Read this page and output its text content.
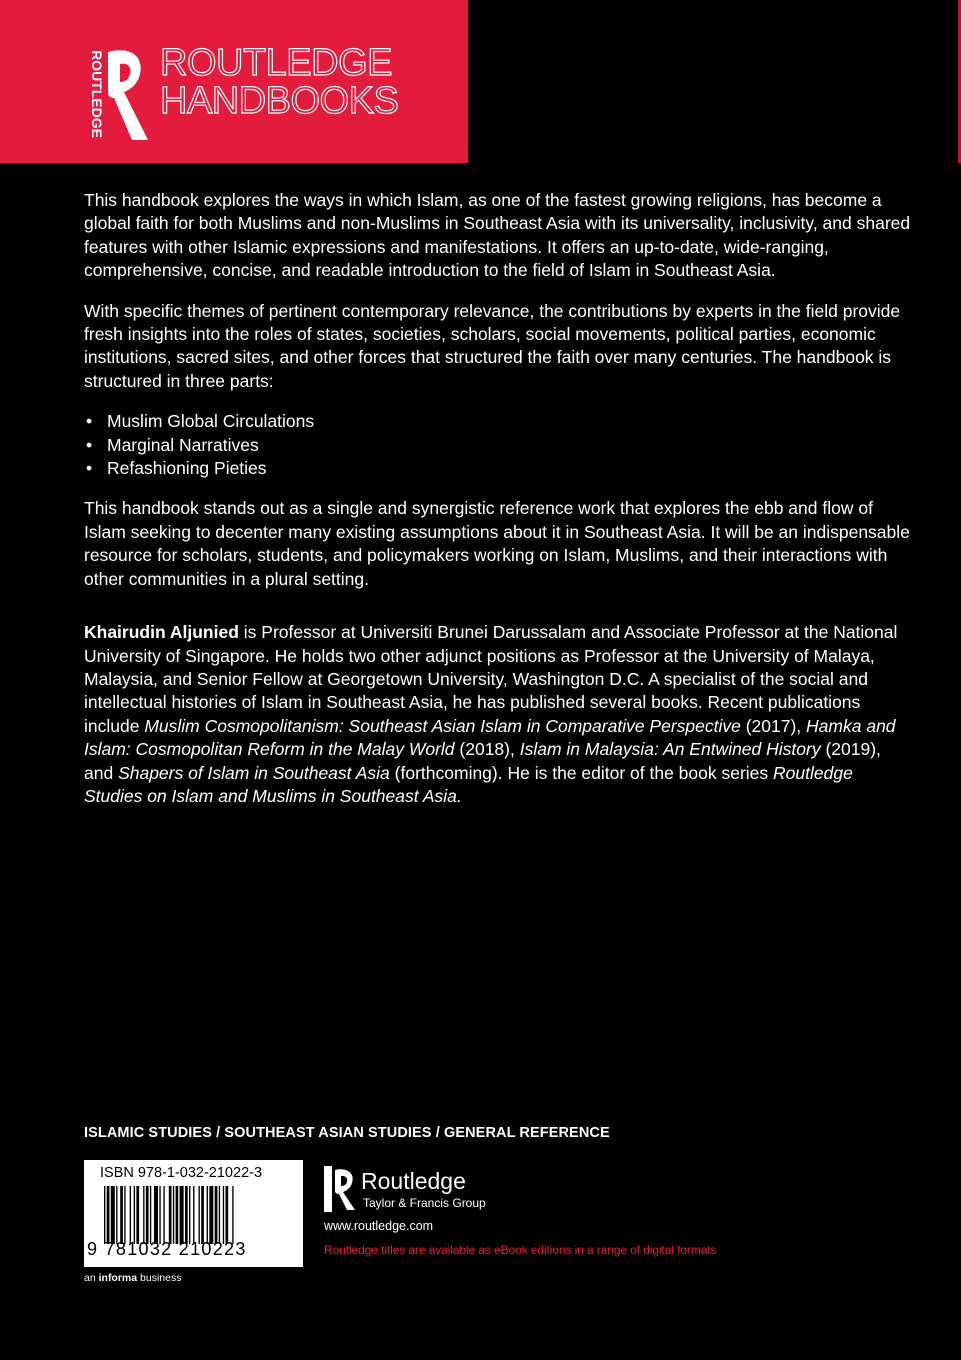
ROUTLEDGE ROUTLEDGE
HANDBOOKS

This handbook explores the ways in which Islam, as one of the fastest growing religions, has become a global faith for both Muslims and non-Muslims in Southeast Asia with its universality, inclusivity, and shared features with other Islamic expressions and manifestations. It offers an up-to-date, wide-ranging, comprehensive, concise, and readable introduction to the field of Islam in Southeast Asia.

With specific themes of pertinent contemporary relevance, the contributions by experts in the field provide fresh insights into the roles of states, societies, scholars, social movements, political parties, economic institutions, sacred sites, and other forces that structured the faith over many centuries. The handbook is structured in three parts:

• Muslim Global Circulations
• Marginal Narratives
• Refashioning Pieties

This handbook stands out as a single and synergistic reference work that explores the ebb and flow of Islam seeking to decenter many existing assumptions about it in Southeast Asia. It will be an indispensable resource for scholars, students, and policymakers working on Islam, Muslims, and their interactions with other communities in a plural setting.

Khairudin Aljunied is Professor at Universiti Brunei Darussalam and Associate Professor at the National University of Singapore. He holds two other adjunct positions as Professor at the University of Malaya, Malaysia, and Senior Fellow at Georgetown University, Washington D.C. A specialist of the social and intellectual histories of Islam in Southeast Asia, he has published several books. Recent publications include Muslim Cosmopolitanism: Southeast Asian Islam in Comparative Perspective (2017), Hamka and Islam: Cosmopolitan Reform in the Malay World (2018), Islam in Malaysia: An Entwined History (2019), and Shapers of Islam in Southeast Asia (forthcoming). He is the editor of the book series Routledge Studies on Islam and Muslims in Southeast Asia.

ISLAMIC STUDIES / SOUTHEAST ASIAN STUDIES / GENERAL REFERENCE
ISBN 978-1-032-21022-3
9 781032 210223
an informa business
Routledge
Taylor & Francis Group
www.routledge.com
Routledge titles are available as eBook editions in a range of digital formats
